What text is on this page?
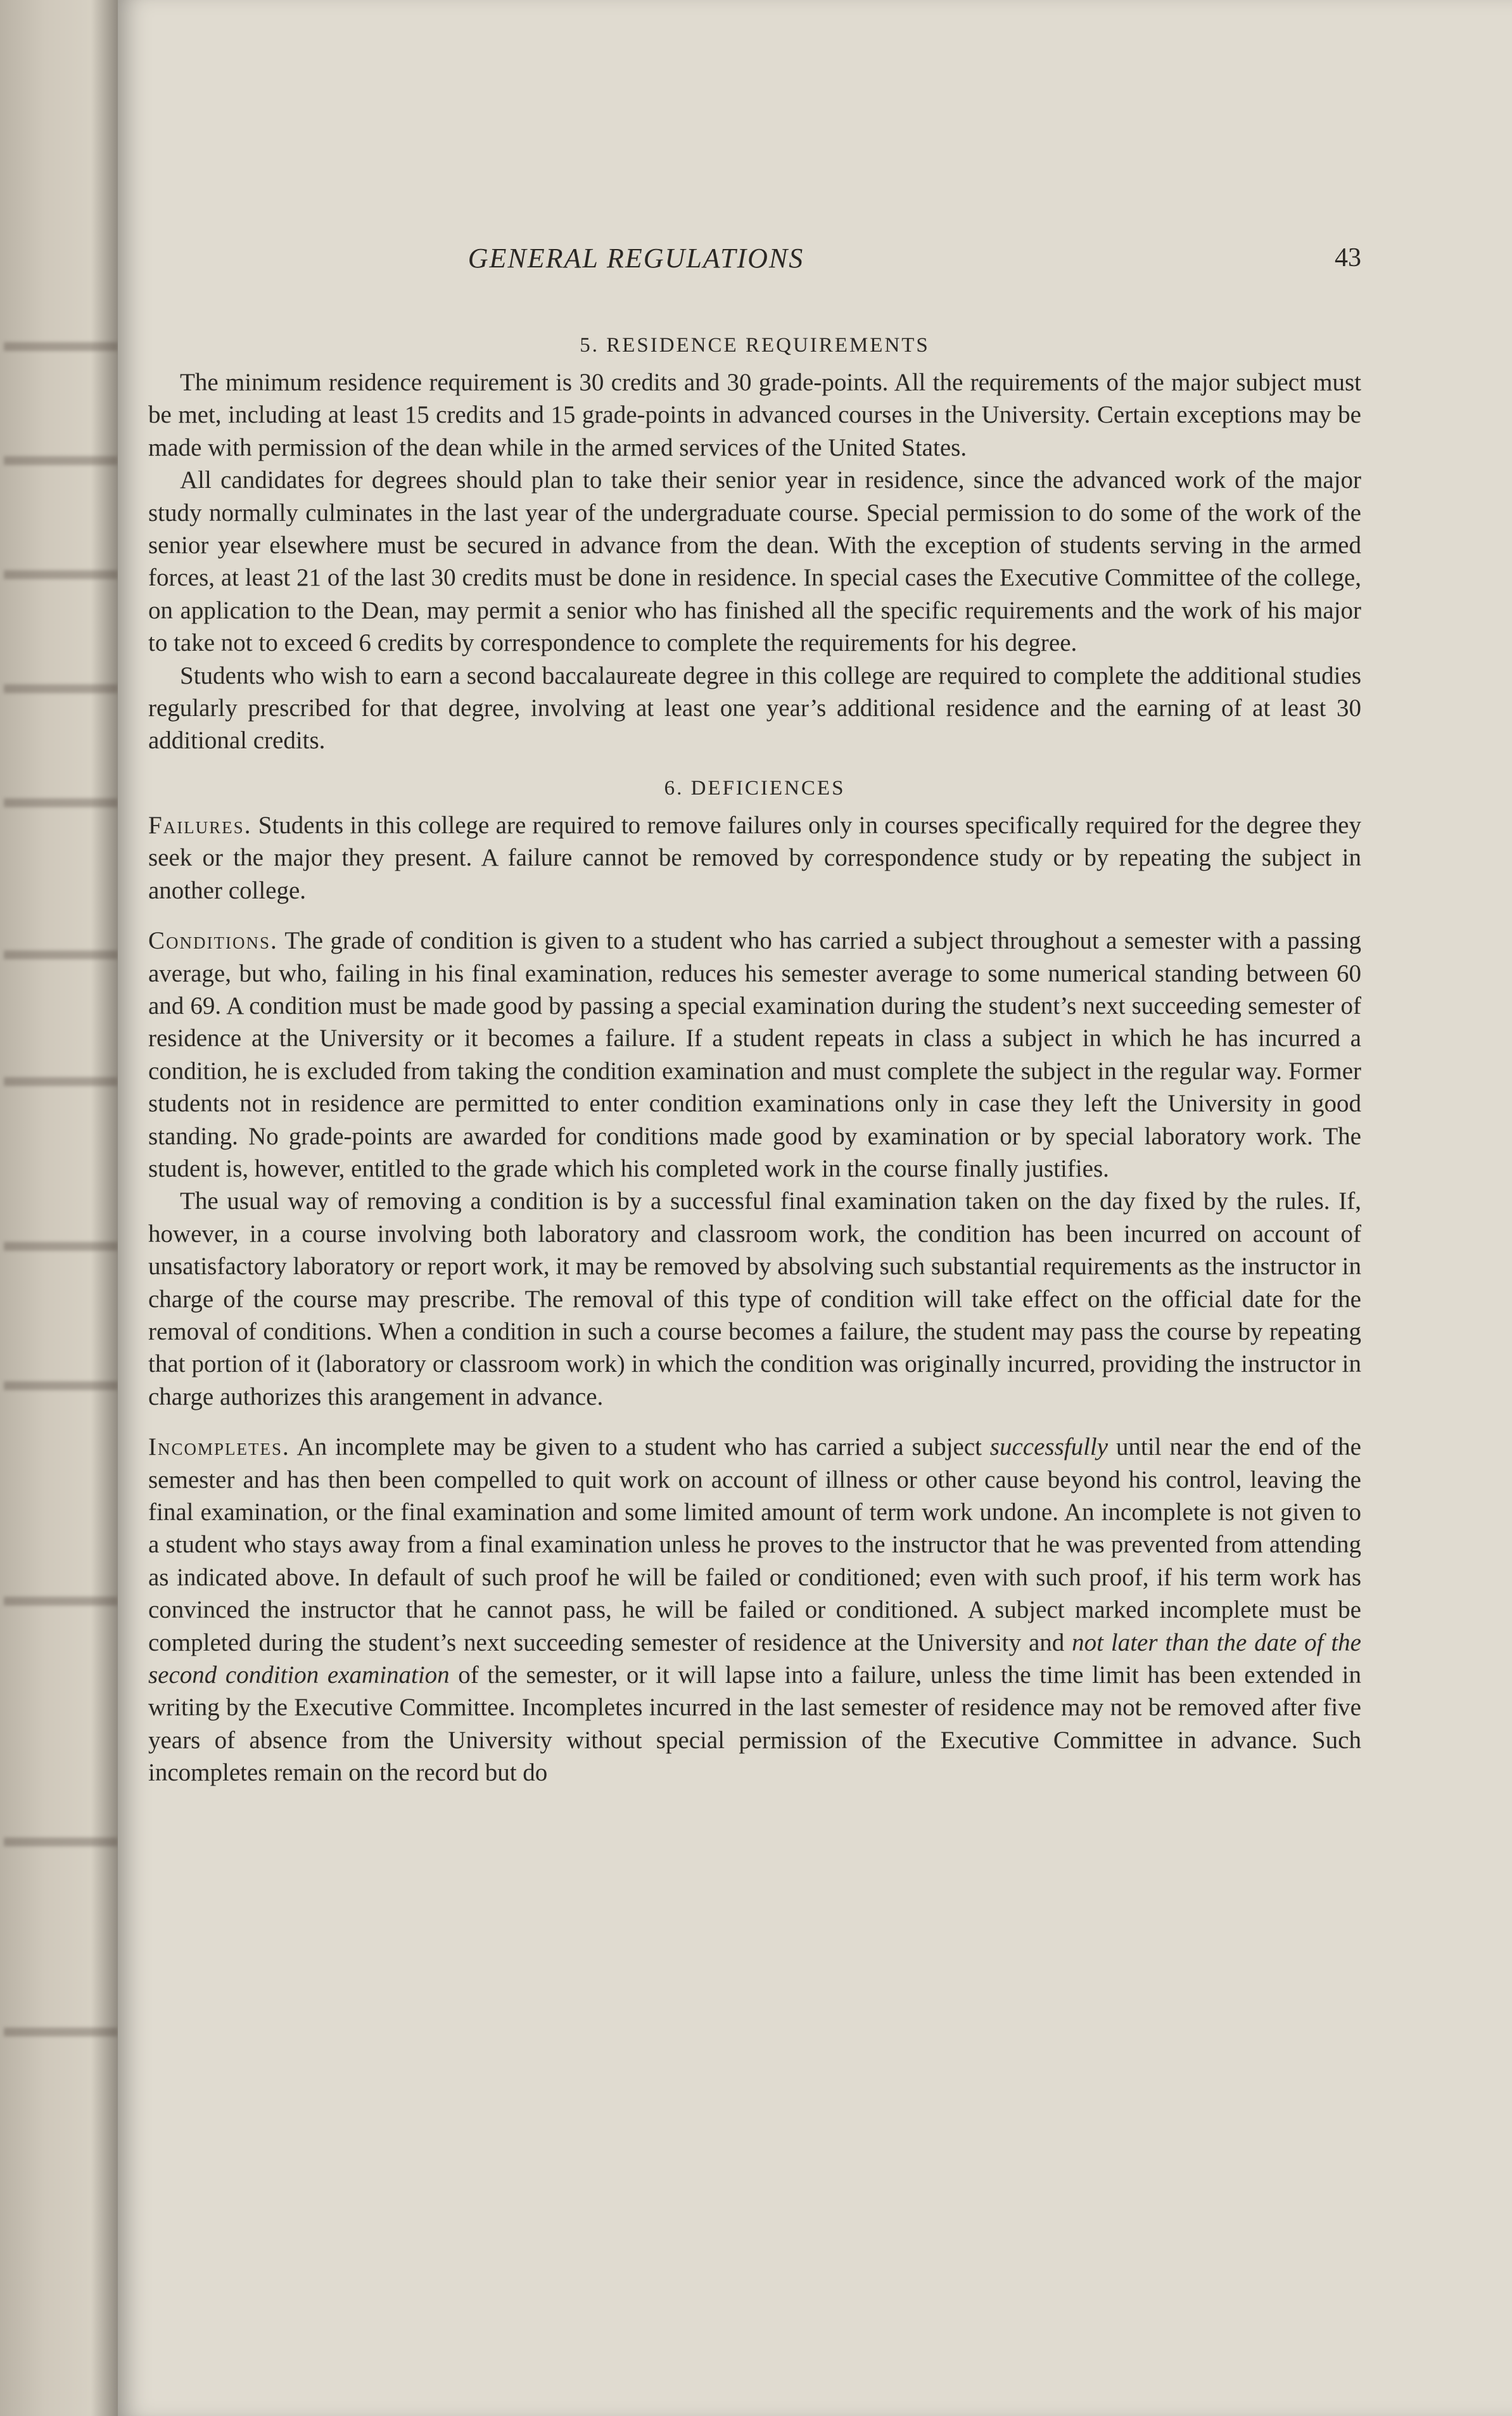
GENERAL REGULATIONS	43
5. RESIDENCE REQUIREMENTS

The minimum residence requirement is 30 credits and 30 grade-points. All the requirements of the major subject must be met, including at least 15 credits and 15 grade-points in advanced courses in the University. Certain exceptions may be made with permission of the dean while in the armed services of the United States.

All candidates for degrees should plan to take their senior year in residence, since the advanced work of the major study normally culminates in the last year of the undergraduate course. Special permission to do some of the work of the senior year elsewhere must be secured in advance from the dean. With the exception of students serving in the armed forces, at least 21 of the last 30 credits must be done in residence. In special cases the Executive Committee of the college, on application to the Dean, may permit a senior who has finished all the specific requirements and the work of his major to take not to exceed 6 credits by correspondence to complete the requirements for his degree.

Students who wish to earn a second baccalaureate degree in this college are required to complete the additional studies regularly prescribed for that degree, involving at least one year’s additional residence and the earning of at least 30 additional credits.

6. DEFICIENCES

Failures. Students in this college are required to remove failures only in courses specifically required for the degree they seek or the major they present. A failure cannot be removed by correspondence study or by repeating the subject in another college.

Conditions. The grade of condition is given to a student who has carried a subject throughout a semester with a passing average, but who, failing in his final examination, reduces his semester average to some numerical standing between 60 and 69. A condition must be made good by passing a special examination during the student’s next succeeding semester of residence at the University or it becomes a failure. If a student repeats in class a subject in which he has incurred a condition, he is excluded from taking the condition examination and must complete the subject in the regular way. Former students not in residence are permitted to enter condition examinations only in case they left the University in good standing. No grade-points are awarded for conditions made good by examination or by special laboratory work. The student is, however, entitled to the grade which his completed work in the course finally justifies.

The usual way of removing a condition is by a successful final examination taken on the day fixed by the rules. If, however, in a course involving both laboratory and classroom work, the condition has been incurred on account of unsatisfactory laboratory or report work, it may be removed by absolving such substantial requirements as the instructor in charge of the course may prescribe. The removal of this type of condition will take effect on the official date for the removal of conditions. When a condition in such a course becomes a failure, the student may pass the course by repeating that portion of it (laboratory or classroom work) in which the condition was originally incurred, providing the instructor in charge authorizes this arangement in advance.

Incompletes. An incomplete may be given to a student who has carried a subject successfully until near the end of the semester and has then been compelled to quit work on account of illness or other cause beyond his control, leaving the final examination, or the final examination and some limited amount of term work undone. An incomplete is not given to a student who stays away from a final examination unless he proves to the instructor that he was prevented from attending as indicated above. In default of such proof he will be failed or conditioned; even with such proof, if his term work has convinced the instructor that he cannot pass, he will be failed or conditioned. A subject marked incomplete must be completed during the student’s next succeeding semester of residence at the University and not later than the date of the second condition examination of the semester, or it will lapse into a failure, unless the time limit has been extended in writing by the Executive Committee. Incompletes incurred in the last semester of residence may not be removed after five years of absence from the University without special permission of the Executive Committee in advance. Such incompletes remain on the record but do
